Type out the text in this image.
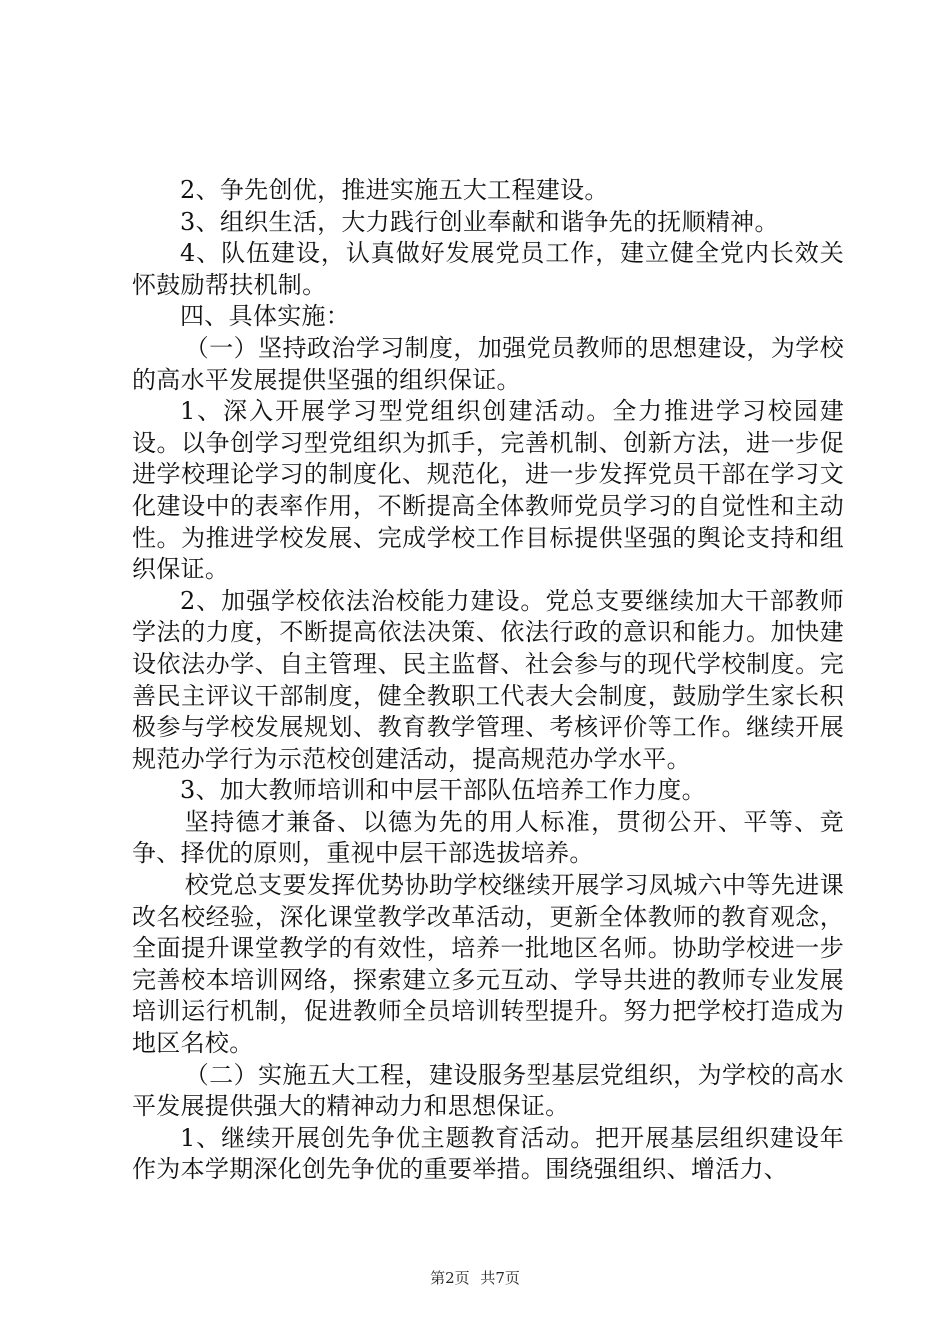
2、争先创优，推进实施五大工程建设。

3、组织生活，大力践行创业奉献和谐争先的抚顺精神。

4、队伍建设，认真做好发展党员工作，建立健全党内长效关怀鼓励帮扶机制。

四、具体实施：

（一）坚持政治学习制度，加强党员教师的思想建设，为学校的高水平发展提供坚强的组织保证。

1、深入开展学习型党组织创建活动。全力推进学习校园建设。以争创学习型党组织为抓手，完善机制、创新方法，进一步促进学校理论学习的制度化、规范化，进一步发挥党员干部在学习文化建设中的表率作用，不断提高全体教师党员学习的自觉性和主动性。为推进学校发展、完成学校工作目标提供坚强的舆论支持和组织保证。

2、加强学校依法治校能力建设。党总支要继续加大干部教师学法的力度，不断提高依法决策、依法行政的意识和能力。加快建设依法办学、自主管理、民主监督、社会参与的现代学校制度。完善民主评议干部制度，健全教职工代表大会制度，鼓励学生家长积极参与学校发展规划、教育教学管理、考核评价等工作。继续开展规范办学行为示范校创建活动，提高规范办学水平。

3、加大教师培训和中层干部队伍培养工作力度。

坚持德才兼备、以德为先的用人标准，贯彻公开、平等、竞争、择优的原则，重视中层干部选拔培养。

校党总支要发挥优势协助学校继续开展学习凤城六中等先进课改名校经验，深化课堂教学改革活动，更新全体教师的教育观念，全面提升课堂教学的有效性，培养一批地区名师。协助学校进一步完善校本培训网络，探索建立多元互动、学导共进的教师专业发展培训运行机制，促进教师全员培训转型提升。努力把学校打造成为地区名校。

（二）实施五大工程，建设服务型基层党组织，为学校的高水平发展提供强大的精神动力和思想保证。

1、继续开展创先争优主题教育活动。把开展基层组织建设年作为本学期深化创先争优的重要举措。围绕强组织、增活力、

第2页 共7页
